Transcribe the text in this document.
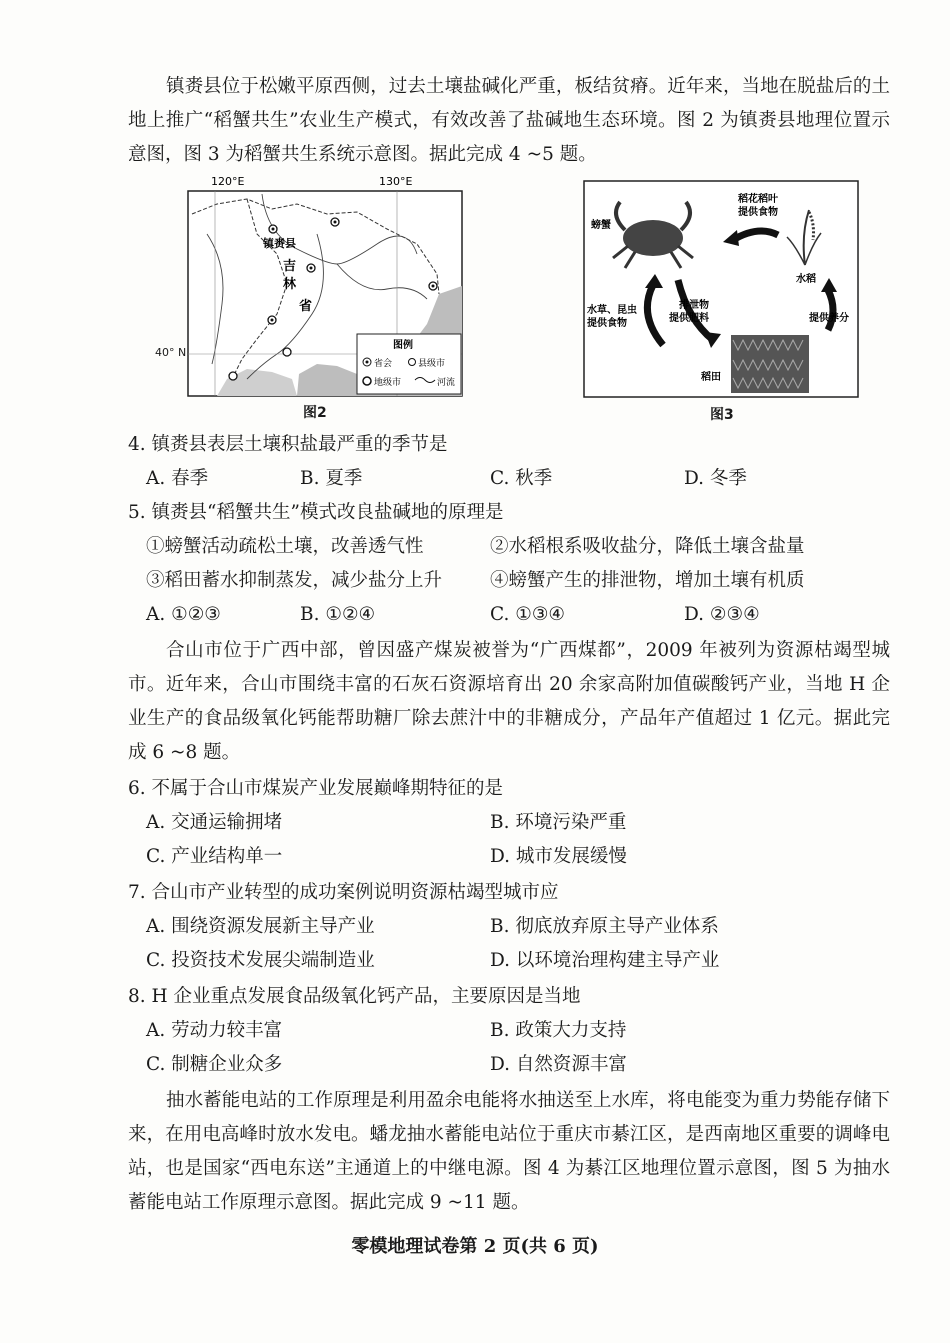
镇赉县位于松嫩平原西侧，过去土壤盐碱化严重，板结贫瘠。近年来，当地在脱盐后的土地上推广“稻蟹共生”农业生产模式，有效改善了盐碱地生态环境。图 2 为镇赉县地理位置示意图，图 3 为稻蟹共生系统示意图。据此完成 4 ~5 题。

120°E	130°E
镇赉县
吉
林
省
图例
省会	县级市
地级市	河流
40° N
图2
螃蟹
水稻
稻花稻叶
提供食物
稻田
水草、昆虫
提供食物
排泄物
提供肥料	提供养分
图3

4. 镇赉县表层土壤积盐最严重的季节是

A. 春季	B. 夏季	C. 秋季	D. 冬季

5. 镇赉县“稻蟹共生”模式改良盐碱地的原理是

①螃蟹活动疏松土壤，改善透气性	②水稻根系吸收盐分，降低土壤含盐量
③稻田蓄水抑制蒸发，减少盐分上升	④螃蟹产生的排泄物，增加土壤有机质
A. ①②③	B. ①②④	C. ①③④	D. ②③④

合山市位于广西中部，曾因盛产煤炭被誉为“广西煤都”，2009 年被列为资源枯竭型城市。近年来，合山市围绕丰富的石灰石资源培育出 20 余家高附加值碳酸钙产业，当地 H 企业生产的食品级氧化钙能帮助糖厂除去蔗汁中的非糖成分，产品年产值超过 1 亿元。据此完成 6 ~8 题。

6. 不属于合山市煤炭产业发展巅峰期特征的是

A. 交通运输拥堵	B. 环境污染严重
C. 产业结构单一	D. 城市发展缓慢

7. 合山市产业转型的成功案例说明资源枯竭型城市应

A. 围绕资源发展新主导产业	B. 彻底放弃原主导产业体系
C. 投资技术发展尖端制造业	D. 以环境治理构建主导产业

8. H 企业重点发展食品级氧化钙产品，主要原因是当地

A. 劳动力较丰富	B. 政策大力支持
C. 制糖企业众多	D. 自然资源丰富

抽水蓄能电站的工作原理是利用盈余电能将水抽送至上水库，将电能变为重力势能存储下来，在用电高峰时放水发电。蟠龙抽水蓄能电站位于重庆市綦江区，是西南地区重要的调峰电站，也是国家“西电东送”主通道上的中继电源。图 4 为綦江区地理位置示意图，图 5 为抽水蓄能电站工作原理示意图。据此完成 9 ~11 题。

零模地理试卷第 2 页(共 6 页)
